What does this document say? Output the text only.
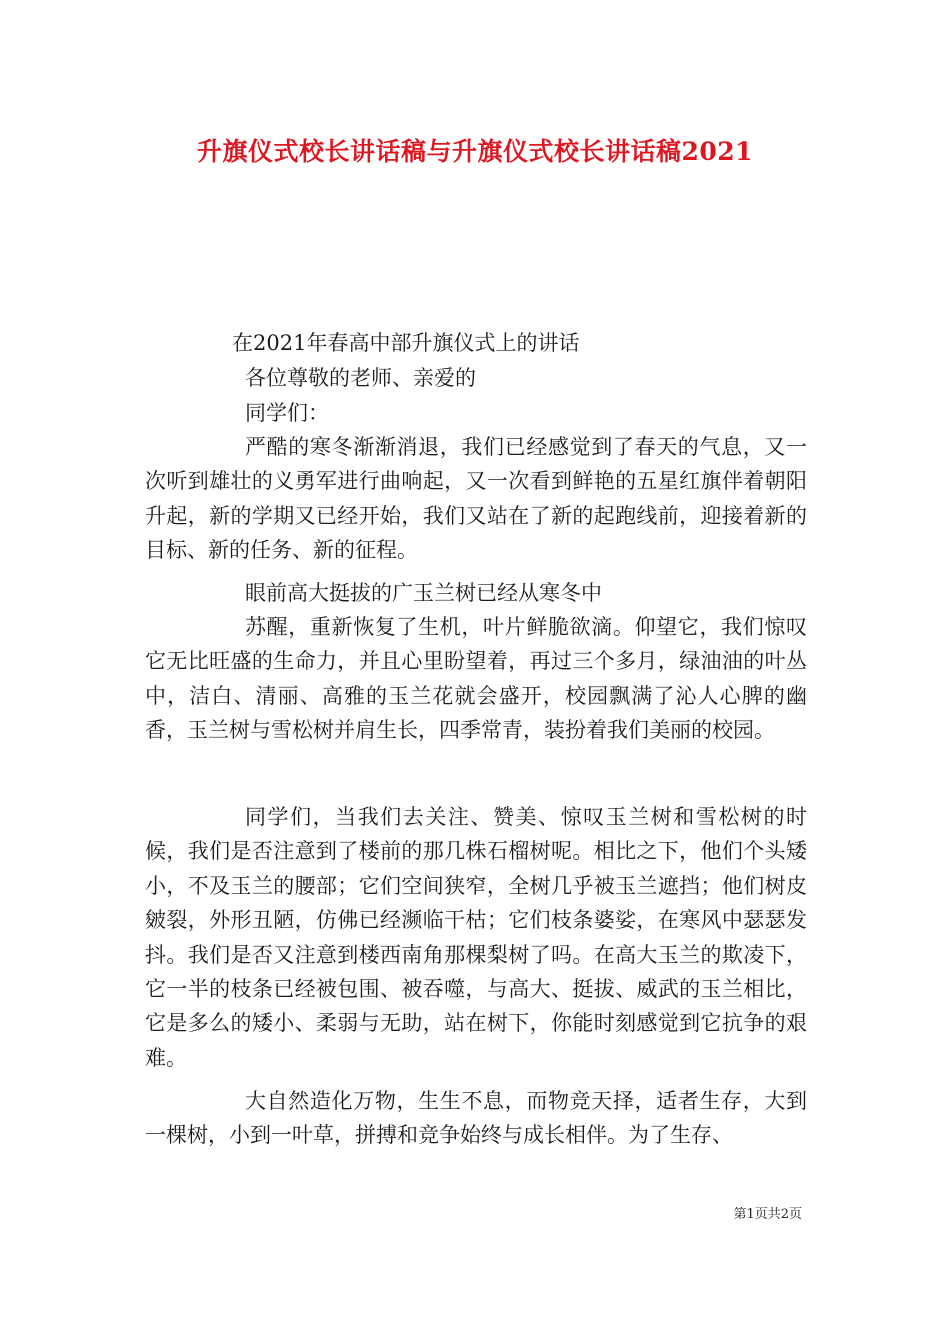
升旗仪式校长讲话稿与升旗仪式校长讲话稿2021
在2021年春高中部升旗仪式上的讲话
各位尊敬的老师、亲爱的
同学们：

严酷的寒冬渐渐消退，我们已经感觉到了春天的气息，又一次听到雄壮的义勇军进行曲响起，又一次看到鲜艳的五星红旗伴着朝阳升起，新的学期又已经开始，我们又站在了新的起跑线前，迎接着新的目标、新的任务、新的征程。

眼前高大挺拔的广玉兰树已经从寒冬中

苏醒，重新恢复了生机，叶片鲜脆欲滴。仰望它，我们惊叹它无比旺盛的生命力，并且心里盼望着，再过三个多月，绿油油的叶丛中，洁白、清丽、高雅的玉兰花就会盛开，校园飘满了沁人心脾的幽香，玉兰树与雪松树并肩生长，四季常青，装扮着我们美丽的校园。

同学们，当我们去关注、赞美、惊叹玉兰树和雪松树的时候，我们是否注意到了楼前的那几株石榴树呢。相比之下，他们个头矮小，不及玉兰的腰部；它们空间狭窄，全树几乎被玉兰遮挡；他们树皮皴裂，外形丑陋，仿佛已经濒临干枯；它们枝条婆娑，在寒风中瑟瑟发抖。我们是否又注意到楼西南角那棵梨树了吗。在高大玉兰的欺凌下，它一半的枝条已经被包围、被吞噬，与高大、挺拔、威武的玉兰相比，它是多么的矮小、柔弱与无助，站在树下，你能时刻感觉到它抗争的艰难。

大自然造化万物，生生不息，而物竞天择，适者生存，大到一棵树，小到一叶草，拼搏和竞争始终与成长相伴。为了生存、

第1页共2页
